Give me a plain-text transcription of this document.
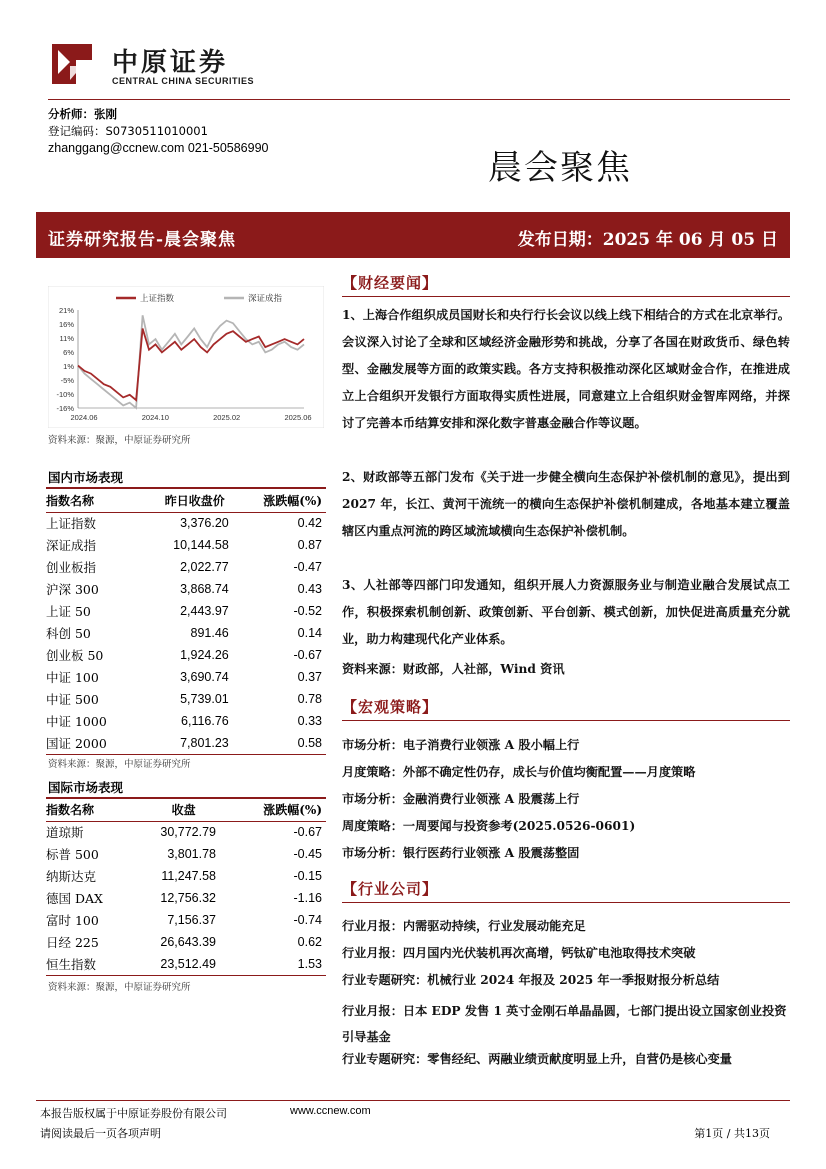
中原证券
CENTRAL CHINA SECURITIES
分析师：张刚
登记编码：S0730511010001
zhanggang@ccnew.com 021-50586990	晨会聚焦
证券研究报告-晨会聚焦	发布日期：2025 年 06 月 05 日
21%
16%
11%
6%
1%
-5%
-10%
-16%
2024.06	2024.10	2025.02	2025.06
上证指数	深证成指
资料来源：聚源，中原证券研究所
国内市场表现
指数名称	昨日收盘价	涨跌幅(%)
上证指数	3,376.20	0.42
深证成指	10,144.58	0.87
创业板指	2,022.77	-0.47
沪深 300	3,868.74	0.43
上证 50	2,443.97	-0.52
科创 50	891.46	0.14
创业板 50	1,924.26	-0.67
中证 100	3,690.74	0.37
中证 500	5,739.01	0.78
中证 1000	6,116.76	0.33
国证 2000	7,801.23	0.58
资料来源：聚源，中原证券研究所
国际市场表现
指数名称	收盘	涨跌幅(%)
道琼斯	30,772.79	-0.67
标普 500	3,801.78	-0.45
纳斯达克	11,247.58	-0.15
德国 DAX	12,756.32	-1.16
富时 100	7,156.37	-0.74
日经 225	26,643.39	0.62
恒生指数	23,512.49	1.53
资料来源：聚源，中原证券研究所
【财经要闻】
1、上海合作组织成员国财长和央行行长会议以线上线下相结合的方式在北京举行。会议深入讨论了全球和区域经济金融形势和挑战，分享了各国在财政货币、绿色转型、金融发展等方面的政策实践。各方支持积极推动深化区域财金合作，在推进成立上合组织开发银行方面取得实质性进展，同意建立上合组织财金智库网络，并探讨了完善本币结算安排和深化数字普惠金融合作等议题。
2、财政部等五部门发布《关于进一步健全横向生态保护补偿机制的意见》，提出到 2027 年，长江、黄河干流统一的横向生态保护补偿机制建成，各地基本建立覆盖辖区内重点河流的跨区域流域横向生态保护补偿机制。
3、人社部等四部门印发通知，组织开展人力资源服务业与制造业融合发展试点工作，积极探索机制创新、政策创新、平台创新、模式创新，加快促进高质量充分就业，助力构建现代化产业体系。
资料来源：财政部，人社部，Wind 资讯
【宏观策略】
市场分析：电子消费行业领涨 A 股小幅上行
月度策略：外部不确定性仍存，成长与价值均衡配置——月度策略
市场分析：金融消费行业领涨 A 股震荡上行
周度策略：一周要闻与投资参考(2025.0526-0601)
市场分析：银行医药行业领涨 A 股震荡整固
【行业公司】
行业月报：内需驱动持续，行业发展动能充足
行业月报：四月国内光伏装机再次高增，钙钛矿电池取得技术突破
行业专题研究：机械行业 2024 年报及 2025 年一季报财报分析总结
行业月报：日本 EDP 发售 1 英寸金刚石单晶晶圆，七部门提出设立国家创业投资引导基金
行业专题研究：零售经纪、两融业绩贡献度明显上升，自营仍是核心变量
本报告版权属于中原证券股份有限公司	www.ccnew.com
请阅读最后一页各项声明	第1页 / 共13页
